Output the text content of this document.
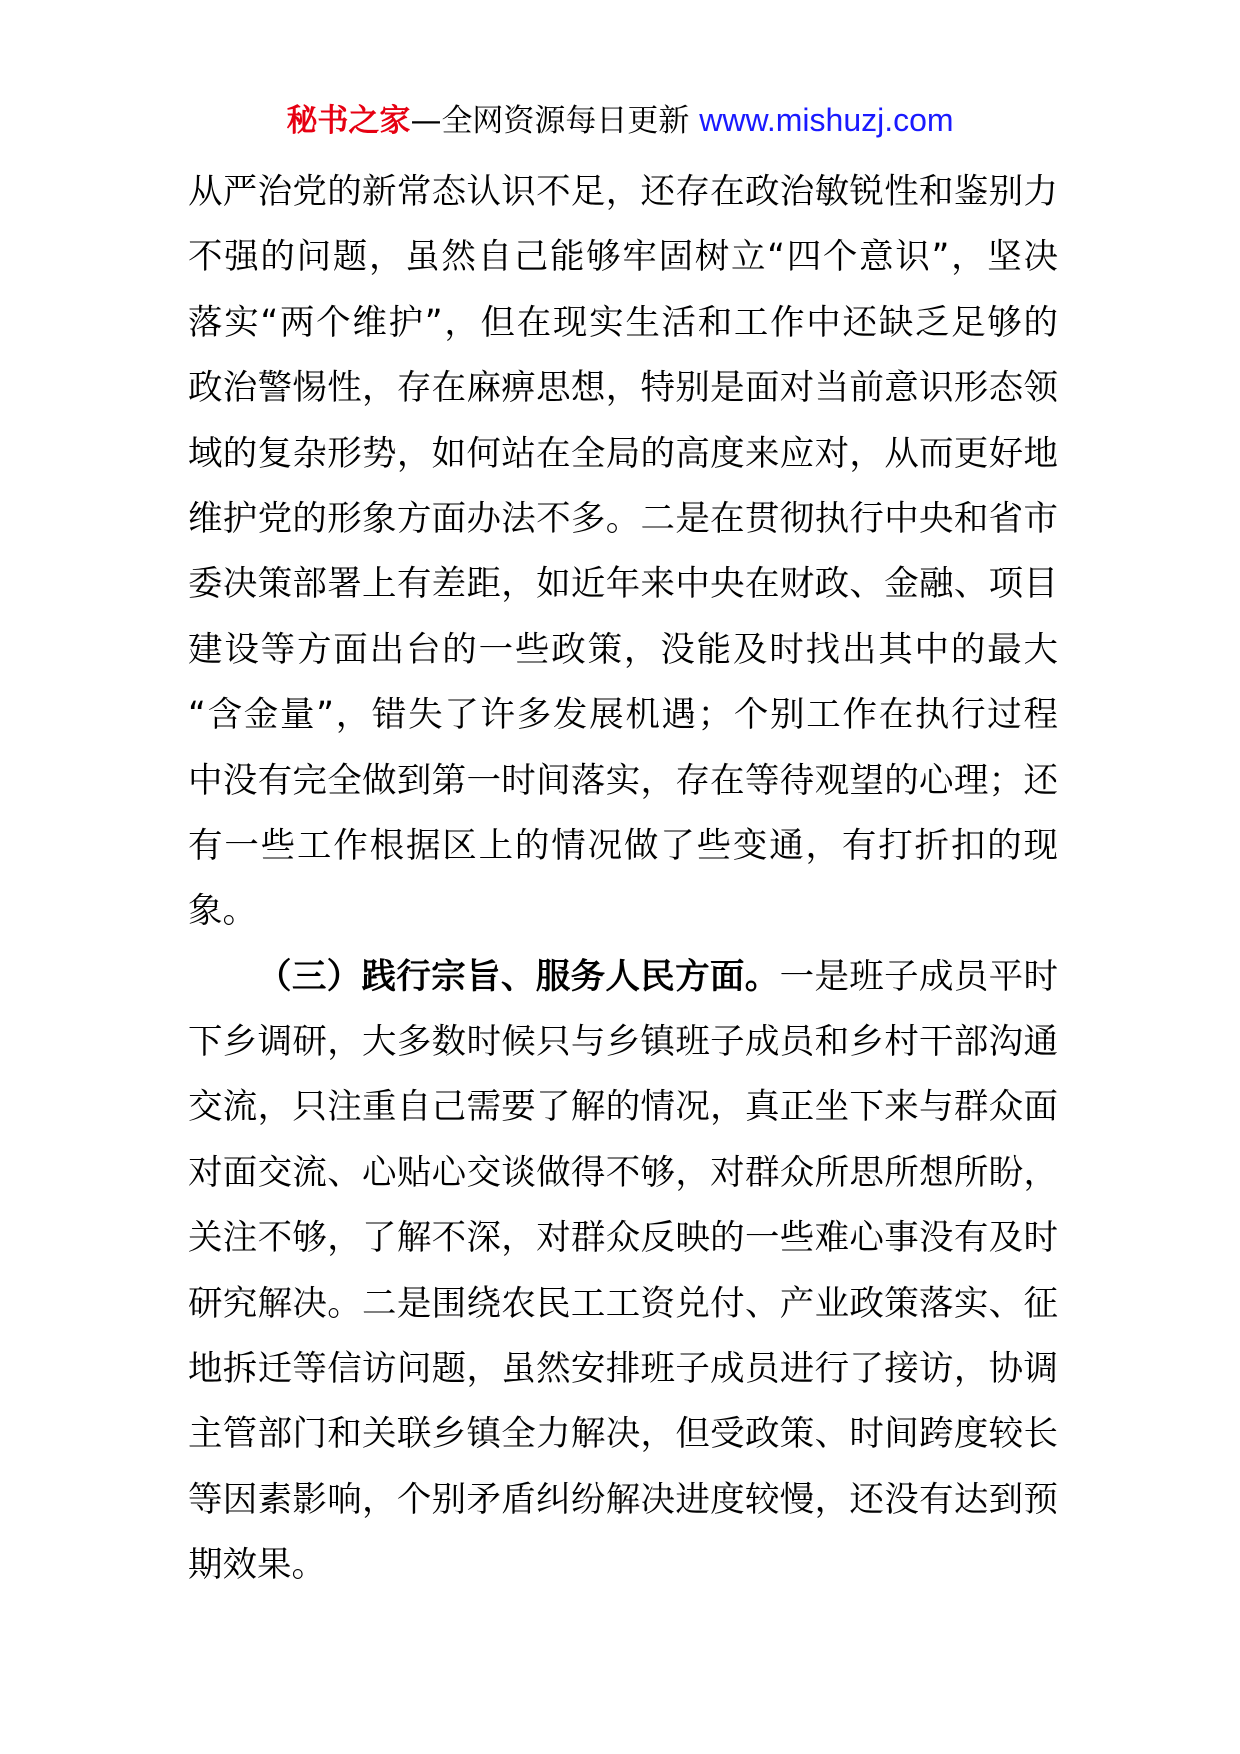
秘书之家—全网资源每日更新 www.mishuzj.com
从严治党的新常态认识不足，还存在政治敏锐性和鉴别力
不强的问题，虽然自己能够牢固树立“四个意识”，坚决
落实“两个维护”，但在现实生活和工作中还缺乏足够的
政治警惕性，存在麻痹思想，特别是面对当前意识形态领
域的复杂形势，如何站在全局的高度来应对，从而更好地
维护党的形象方面办法不多。二是在贯彻执行中央和省市
委决策部署上有差距，如近年来中央在财政、金融、项目
建设等方面出台的一些政策，没能及时找出其中的最大
“含金量”，错失了许多发展机遇；个别工作在执行过程
中没有完全做到第一时间落实，存在等待观望的心理；还
有一些工作根据区上的情况做了些变通，有打折扣的现
象。
（三）践行宗旨、服务人民方面。一是班子成员平时
下乡调研，大多数时候只与乡镇班子成员和乡村干部沟通
交流，只注重自己需要了解的情况，真正坐下来与群众面
对面交流、心贴心交谈做得不够，对群众所思所想所盼，
关注不够，了解不深，对群众反映的一些难心事没有及时
研究解决。二是围绕农民工工资兑付、产业政策落实、征
地拆迁等信访问题，虽然安排班子成员进行了接访，协调
主管部门和关联乡镇全力解决，但受政策、时间跨度较长
等因素影响，个别矛盾纠纷解决进度较慢，还没有达到预
期效果。
